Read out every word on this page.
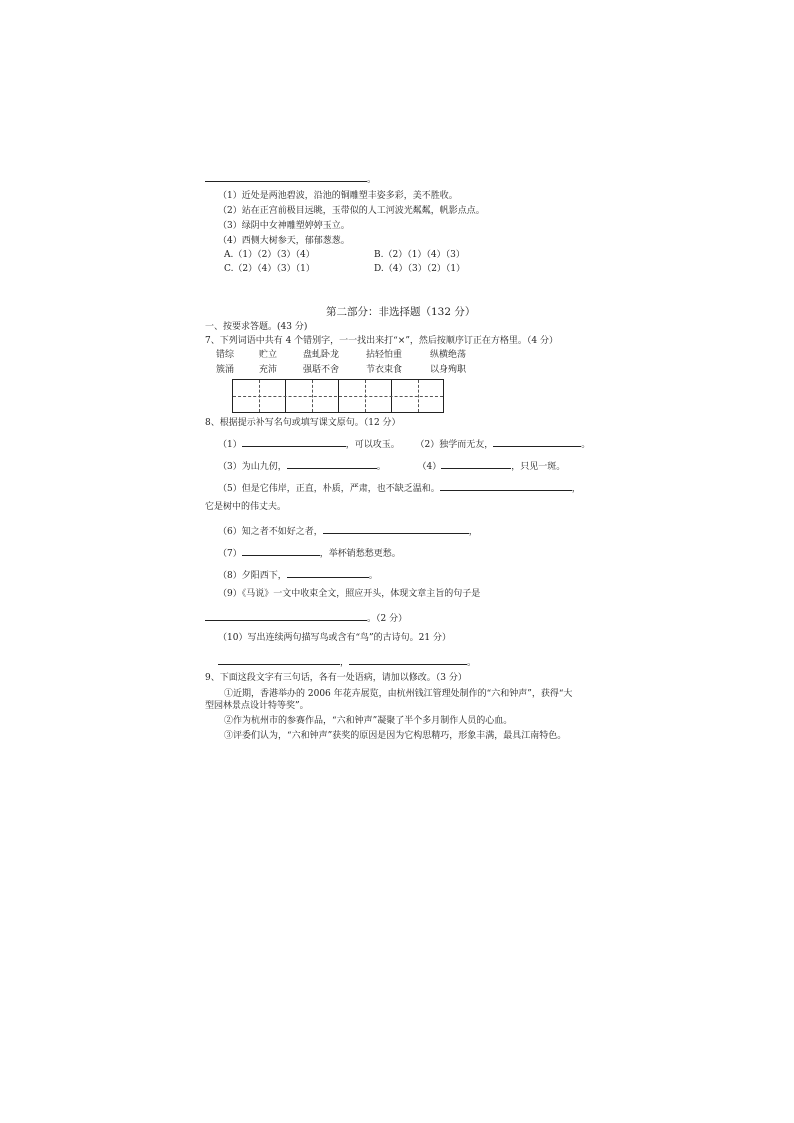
。
（1）近处是两池碧波，沿池的铜雕塑丰姿多彩，美不胜收。
（2）站在正宫前极目远眺，玉带似的人工河波光粼粼，帆影点点。
（3）绿阴中女神雕塑婷婷玉立。
（4）西侧大树参天，郁郁葱葱。
A.（1）（2）（3）（4）	B.（2）（1）（4）（3）
C.（2）（4）（3）（1）	D.（4）（3）（2）（1）
第二部分：非选择题（132 分）
一、按要求答题。(43 分)
7、下列词语中共有 4 个错别字，一一找出来打“×”，然后按顺序订正在方格里。（4 分）
错综	贮立	盘虬卧龙	拈轻怕重	纵横绝荡
簇涌	充沛	强聒不舍	节衣束食	以身殉职
8、根据提示补写名句或填写课文原句。（12 分）
（1）	，可以攻玉。 （2）独学而无友，	。
（3）为山九仞，	。	（4）	，只见一斑。
（5）但是它伟岸，正直，朴质，严肃，也不缺乏温和。	，
它是树中的伟丈夫。
（6）知之者不如好之者，	，
（7）	，举杯销愁愁更愁。
（8）夕阳西下，	。
（9）《马说》一文中收束全文，照应开头，体现文章主旨的句子是
。（2 分）
（10）写出连续两句描写鸟或含有“鸟”的古诗句。21 分）
，	。
9、下面这段文字有三句话，各有一处语病，请加以修改。（3 分）
①近期，香港举办的 2006 年花卉展览，由杭州钱江管理处制作的“六和钟声”，获得“大
型园林景点设计特等奖”。
②作为杭州市的参赛作品，“六和钟声”凝聚了半个多月制作人员的心血。
③评委们认为，“六和钟声”获奖的原因是因为它构思精巧，形象丰满，最具江南特色。
